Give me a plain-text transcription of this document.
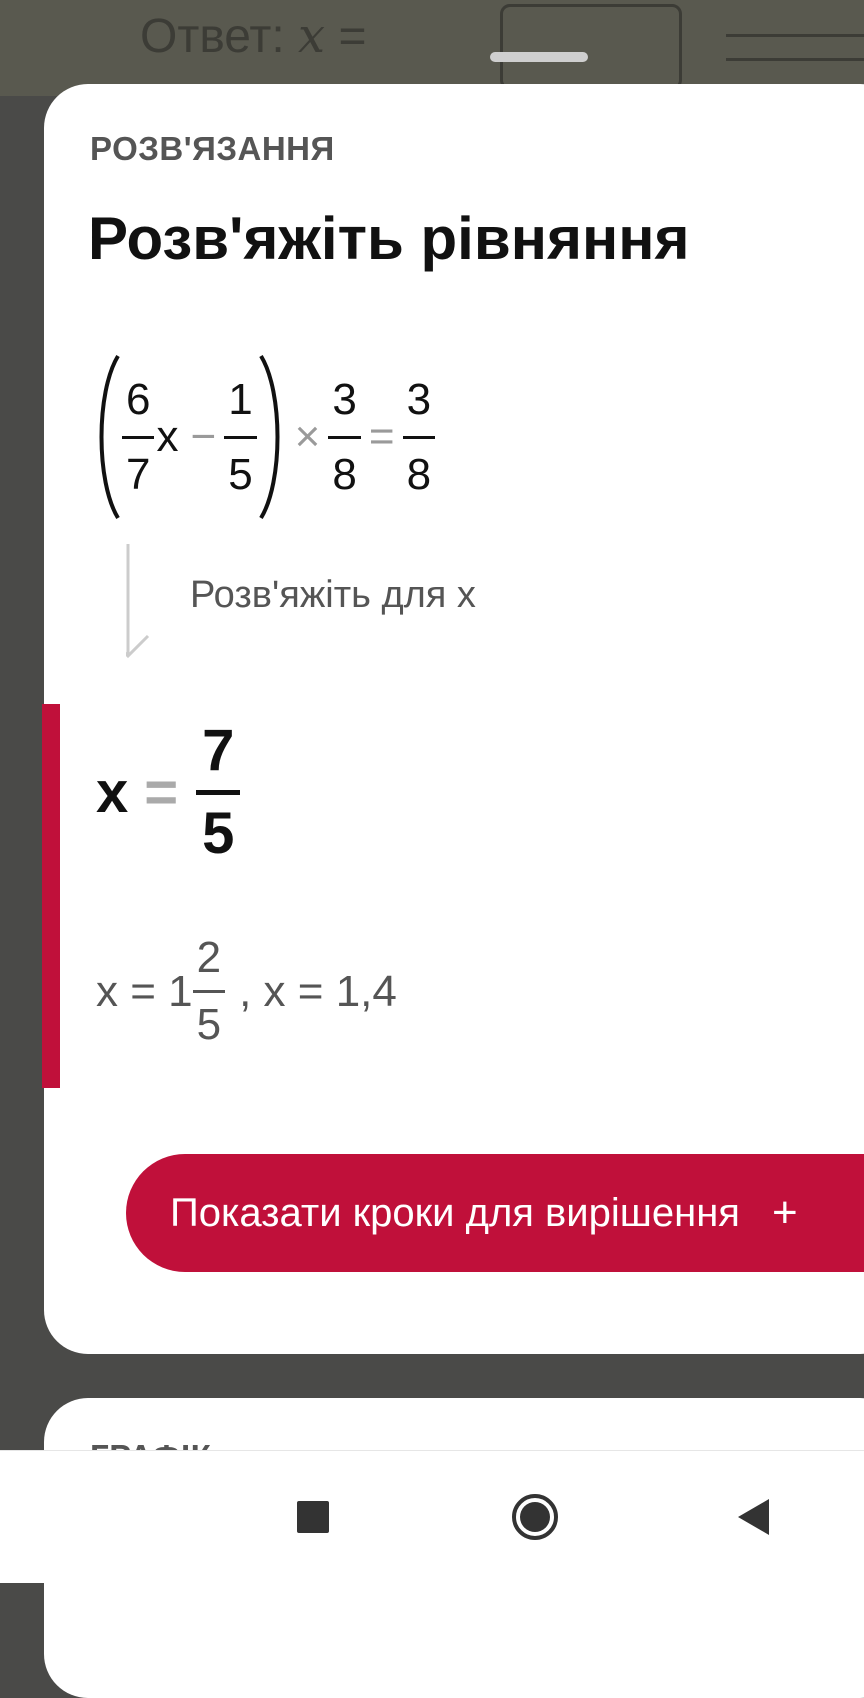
Ответ: x =
РОЗВ'ЯЗАННЯ
Розв'яжіть рівняння
$\frac{6}{7}$ $x - \frac{1}{5} \times \frac{3}{8} = \frac{3}{8}$
Розв'яжіть для x
x =
7
5
$x = 1 \frac{2}{5}$ , x = 1,4
Показати кроки для вирішення +
